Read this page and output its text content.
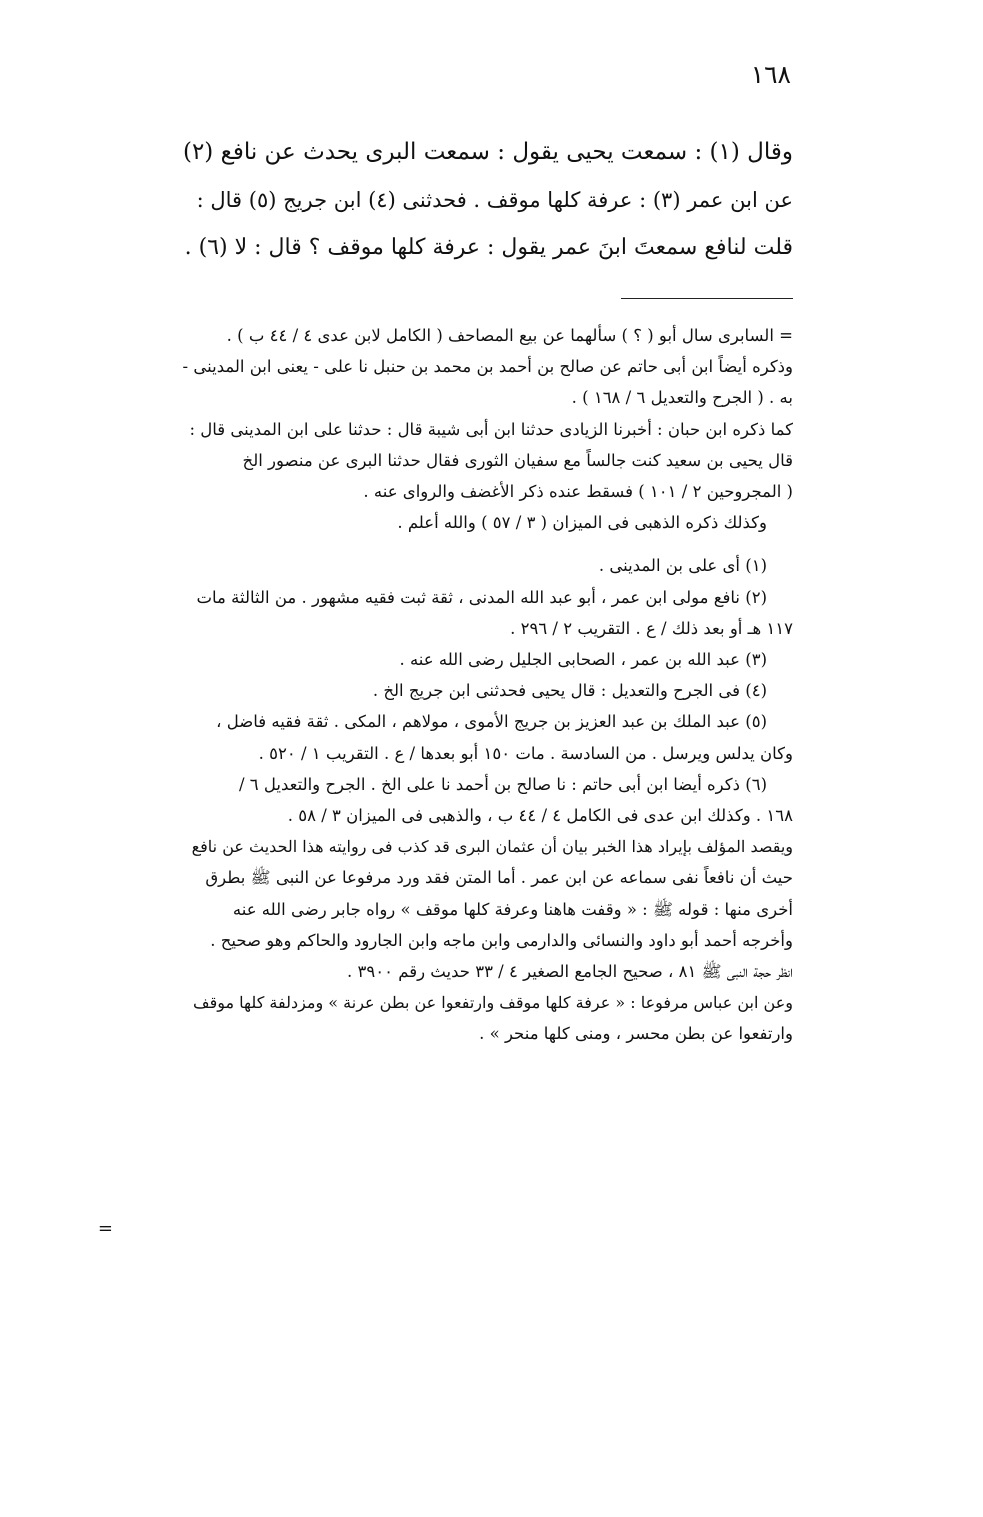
١٦٨
وقال (١) : سمعت يحيى يقول : سمعت البرى يحدث عن نافع (٢)
عن ابن عمر (٣) : عرفة كلها موقف . فحدثنى (٤) ابن جريج (٥) قال :
قلت لنافع سمعتَ ابنَ عمر يقول : عرفة كلها موقف ؟ قال : لا (٦) .
= السابرى سال أبو ( ؟ ) سألهما عن بيع المصاحف ( الكامل لابن عدى ٤ / ٤٤ ب ) .
وذكره أيضاً ابن أبى حاتم عن صالح بن أحمد بن محمد بن حنبل نا على - يعنى ابن المدينى -
به . ( الجرح والتعديل ٦ / ١٦٨ ) .
كما ذكره ابن حبان : أخبرنا الزيادى حدثنا ابن أبى شيبة قال : حدثنا على ابن المدينى قال :
قال يحيى بن سعيد كنت جالساً مع سفيان الثورى فقال حدثنا البرى عن منصور الخ
( المجروحين ٢ / ١٠١ ) فسقط عنده ذكر الأغضف والرواى عنه .
وكذلك ذكره الذهبى فى الميزان ( ٣ / ٥٧ ) والله أعلم .
(١) أى على بن المدينى .
(٢) نافع مولى ابن عمر ، أبو عبد الله المدنى ، ثقة ثبت فقيه مشهور . من الثالثة مات
١١٧ هـ أو بعد ذلك / ع . التقريب ٢ / ٢٩٦ .
(٣) عبد الله بن عمر ، الصحابى الجليل رضى الله عنه .
(٤) فى الجرح والتعديل : قال يحيى فحدثنى ابن جريج الخ .
(٥) عبد الملك بن عبد العزيز بن جريج الأموى ، مولاهم ، المكى . ثقة فقيه فاضل ،
وكان يدلس ويرسل . من السادسة . مات ١٥٠ أبو بعدها / ع . التقريب ١ / ٥٢٠ .
(٦) ذكره أيضا ابن أبى حاتم : نا صالح بن أحمد نا على الخ . الجرح والتعديل ٦ /
١٦٨ . وكذلك ابن عدى فى الكامل ٤ / ٤٤ ب ، والذهبى فى الميزان ٣ / ٥٨ .
ويقصد المؤلف بإيراد هذا الخبر بيان أن عثمان البرى قد كذب فى روايته هذا الحديث عن نافع
حيث أن نافعاً نفى سماعه عن ابن عمر . أما المتن فقد ورد مرفوعا عن النبى ﷺ بطرق
أخرى منها : قوله ﷺ : « وقفت هاهنا وعرفة كلها موقف » رواه جابر رضى الله عنه
وأخرجه أحمد أبو داود والنسائى والدارمى وابن ماجه وابن الجارود والحاكم وهو صحيح .
انظر حجة النبى ﷺ ٨١ ، صحيح الجامع الصغير ٤ / ٣٣ حديث رقم ٣٩٠٠ .
وعن ابن عباس مرفوعا : « عرفة كلها موقف وارتفعوا عن بطن عرنة » ومزدلفة كلها موقف
وارتفعوا عن بطن محسر ، ومنى كلها منحر » .
=
